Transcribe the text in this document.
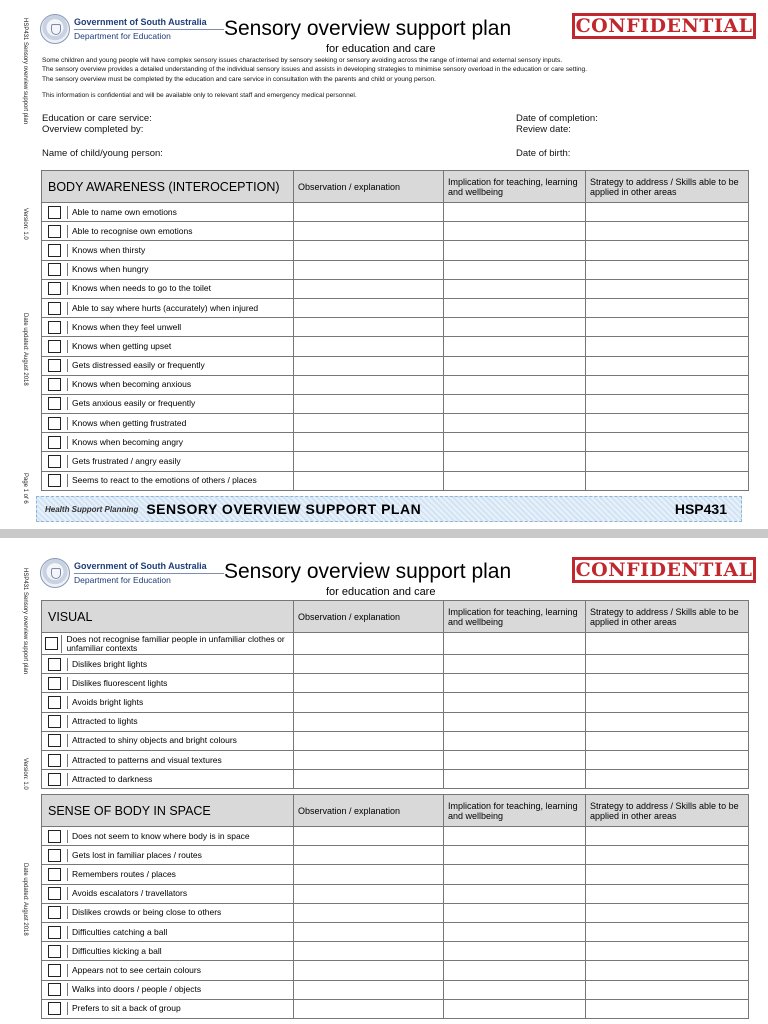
HSP431 Sensory overview support plan
Version: 1.0
Date updated: August 2018
Page 1 of 6
Government of South Australia
Department for Education	Sensory overview support plan
for education and care
CONFIDENTIAL

Some children and young people will have complex sensory issues characterised by sensory seeking or sensory avoiding across the range of internal and external sensory inputs.

The sensory overview provides a detailed understanding of the individual sensory issues and assists in developing strategies to minimise sensory overload in the education or care setting.

The sensory overview must be completed by the education and care service in consultation with the parents and child or young person.

This information is confidential and will be available only to relevant staff and emergency medical personnel.

Education or care service:
Overview completed by:
Name of child/young person:
Date of completion:
Review date:
Date of birth:
BODY AWARENESS (INTEROCEPTION)	Observation / explanation	Implication for teaching, learning and wellbeing	Strategy to address / Skills able to be applied in other areas

Able to name own emotions			

Able to recognise own emotions			

Knows when thirsty			

Knows when hungry			

Knows when needs to go to the toilet			

Able to say where hurts (accurately) when injured			

Knows when they feel unwell			

Knows when getting upset			

Gets distressed easily or frequently			

Knows when becoming anxious			

Gets anxious easily or frequently			

Knows when getting frustrated			

Knows when becoming angry			

Gets frustrated / angry easily			

Seems to react to the emotions of others / places			

Health Support Planning SENSORY OVERVIEW SUPPORT PLAN	HSP431
HSP431 Sensory overview support plan
Version: 1.0
Date updated: August 2018
Government of South Australia
Department for Education	Sensory overview support plan
for education and care
CONFIDENTIAL
VISUAL	Observation / explanation	Implication for teaching, learning and wellbeing	Strategy to address / Skills able to be applied in other areas

Does not recognise familiar people in unfamiliar clothes or unfamiliar contexts			

Dislikes bright lights			

Dislikes fluorescent lights			

Avoids bright lights			

Attracted to lights			

Attracted to shiny objects and bright colours			

Attracted to patterns and visual textures			

Attracted to darkness			

SENSE OF BODY IN SPACE	Observation / explanation	Implication for teaching, learning and wellbeing	Strategy to address / Skills able to be applied in other areas

Does not seem to know where body is in space			

Gets lost in familiar places / routes			

Remembers routes / places			

Avoids escalators / travellators			

Dislikes crowds or being close to others			

Difficulties catching a ball			

Difficulties kicking a ball			

Appears not to see certain colours			

Walks into doors / people / objects			

Prefers to sit a back of group			
